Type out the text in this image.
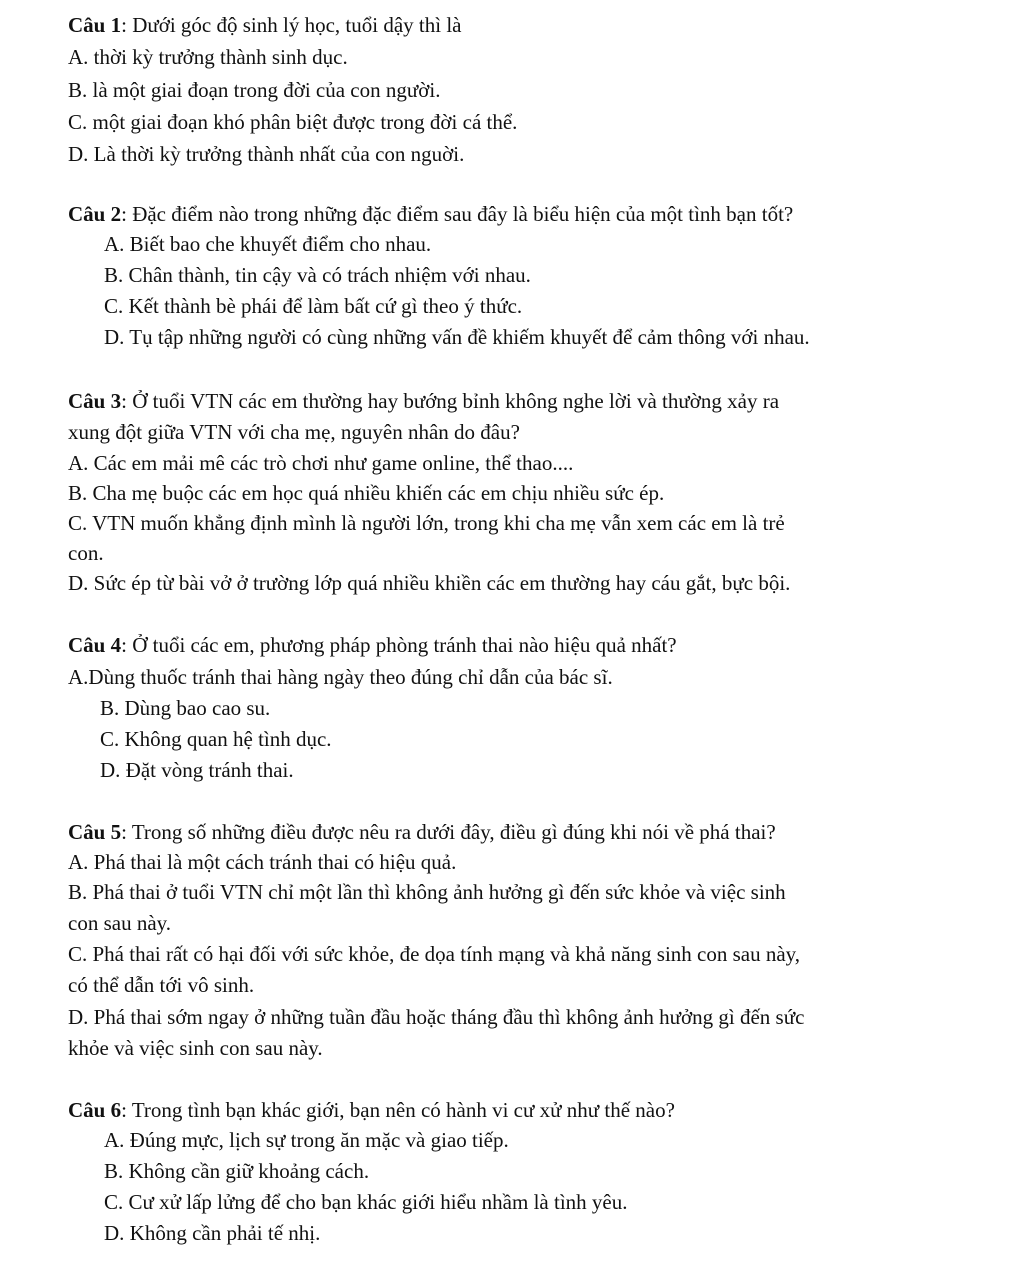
Câu 1: Dưới góc độ sinh lý học, tuổi dậy thì là
A. thời kỳ trưởng thành sinh dục.
B. là một giai đoạn trong đời của con người.
C. một giai đoạn khó phân biệt được trong đời cá thể.
D. Là thời kỳ trưởng thành nhất của con nguời.
Câu 2: Đặc điểm nào trong những đặc điểm sau đây là biểu hiện của một tình bạn tốt?
A. Biết bao che khuyết điểm cho nhau.
B. Chân thành, tin cậy và có trách nhiệm với nhau.
C. Kết thành bè phái để làm bất cứ gì theo ý thức.
D. Tụ tập những người có cùng những vấn đề khiếm khuyết để cảm thông với nhau.
Câu 3: Ở tuổi VTN các em thường hay bướng bỉnh không nghe lời và thường xảy ra
xung đột giữa VTN với cha mẹ, nguyên nhân do đâu?
A. Các em mải mê các trò chơi như game online, thể thao....
B. Cha mẹ buộc các em học quá nhiều khiến các em chịu nhiều sức ép.
C. VTN muốn khẳng định mình là người lớn, trong khi cha mẹ vẫn xem các em là trẻ
con.
D. Sức ép từ bài vở ở trường lớp quá nhiều khiền các em thường hay cáu gắt, bực bội.
Câu 4: Ở tuổi các em, phương pháp phòng tránh thai nào hiệu quả nhất?
A.Dùng thuốc tránh thai hàng ngày theo đúng chỉ dẫn của bác sĩ.
B. Dùng bao cao su.
C. Không quan hệ tình dục.
D. Đặt vòng tránh thai.
Câu 5: Trong số những điều được nêu ra dưới đây, điều gì đúng khi nói về phá thai?
A. Phá thai là một cách tránh thai có hiệu quả.
B. Phá thai ở tuổi VTN chỉ một lần thì không ảnh hưởng gì đến sức khỏe và việc sinh
con sau này.
C. Phá thai rất có hại đối với sức khỏe, đe dọa tính mạng và khả năng sinh con sau này,
có thể dẫn tới vô sinh.
D. Phá thai sớm ngay ở những tuần đầu hoặc tháng đầu thì không ảnh hưởng gì đến sức
khỏe và việc sinh con sau này.
Câu 6: Trong tình bạn khác giới, bạn nên có hành vi cư xử như thế nào?
A. Đúng mực, lịch sự trong ăn mặc và giao tiếp.
B. Không cần giữ khoảng cách.
C. Cư xử lấp lửng để cho bạn khác giới hiểu nhầm là tình yêu.
D. Không cần phải tế nhị.
